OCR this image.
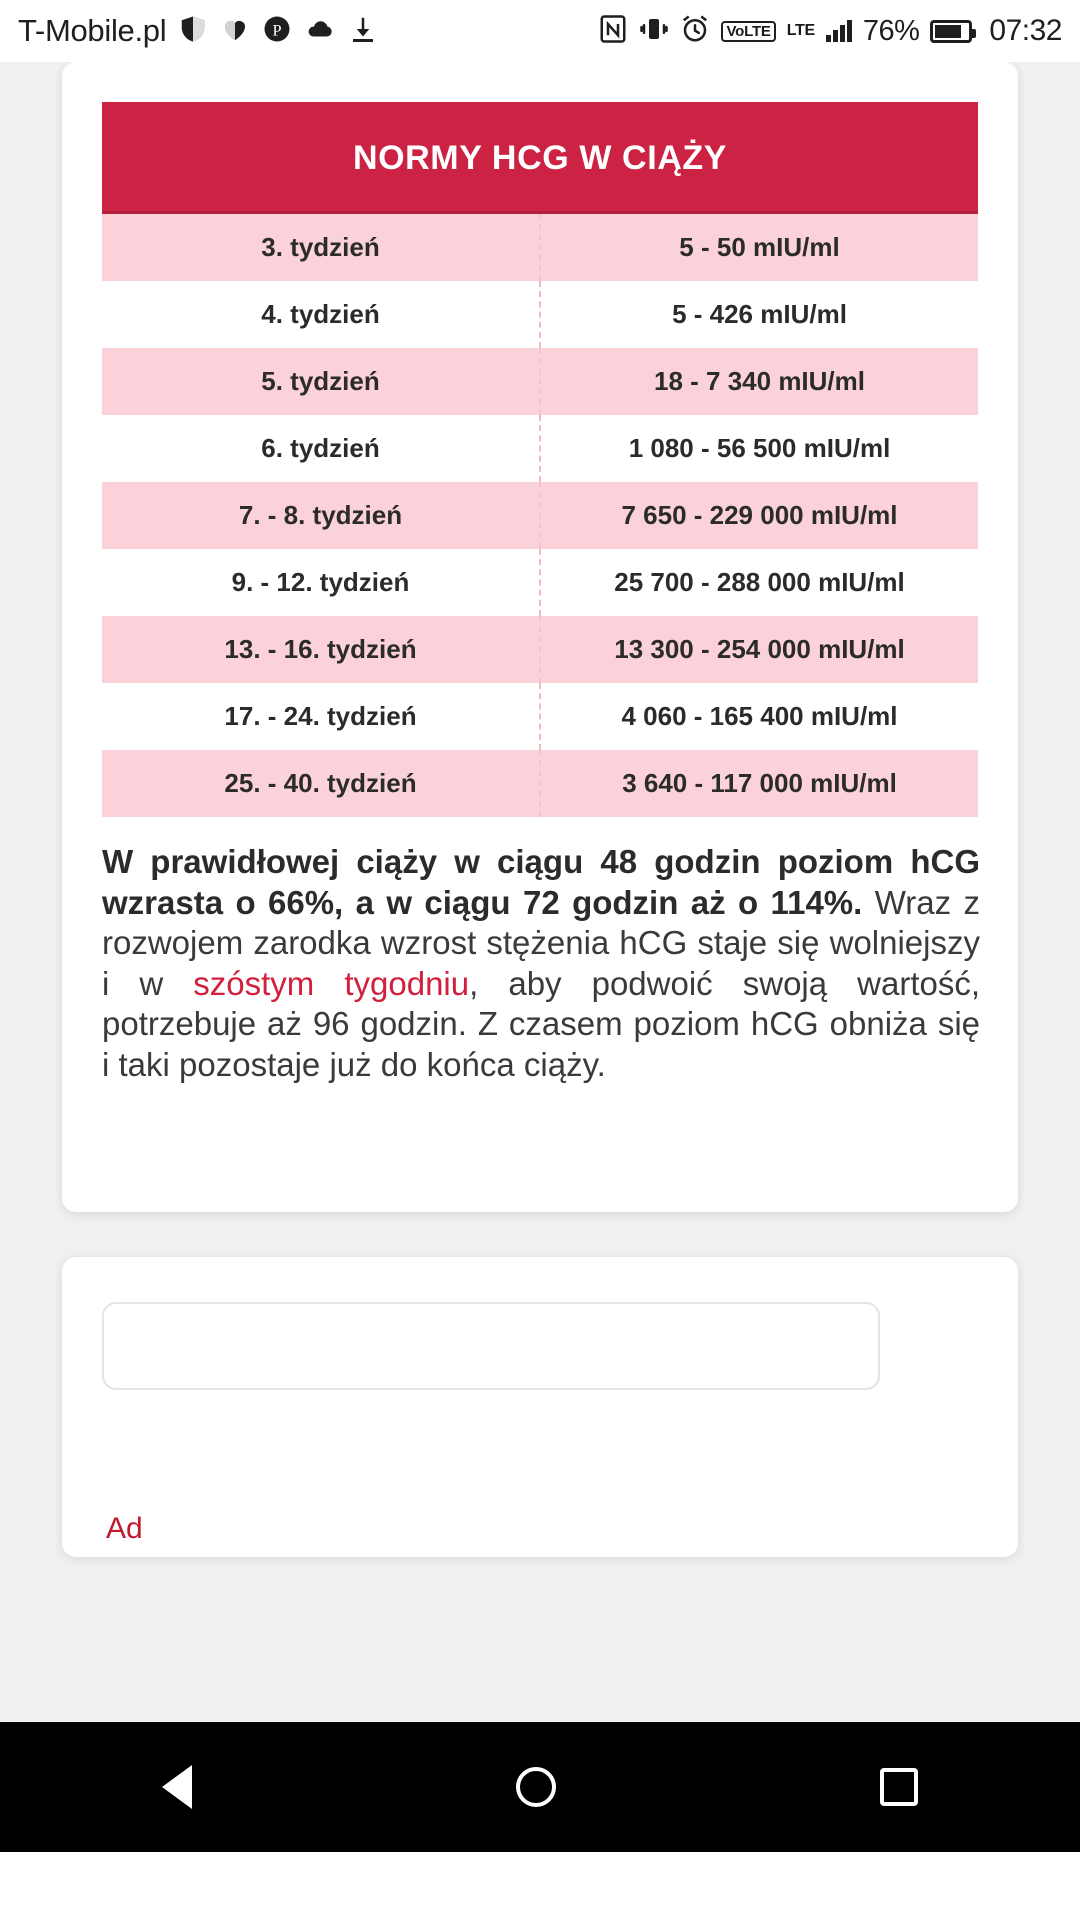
T-Mobile.pl	P	VoLTE	LTE 76% 07:32
NORMY HCG W CIĄŻY
3. tydzień	5 - 50 mIU/ml
4. tydzień	5 - 426 mIU/ml
5. tydzień	18 - 7 340 mIU/ml
6. tydzień	1 080 - 56 500 mIU/ml
7. - 8. tydzień	7 650 - 229 000 mIU/ml
9. - 12. tydzień	25 700 - 288 000 mIU/ml
13. - 16. tydzień	13 300 - 254 000 mIU/ml
17. - 24. tydzień	4 060 - 165 400 mIU/ml
25. - 40. tydzień	3 640 - 117 000 mIU/ml
W prawidłowej ciąży w ciągu 48 godzin poziom hCG wzrasta o 66%, a w ciągu 72 godzin aż o 114%. Wraz z rozwojem zarodka wzrost stężenia hCG staje się wolniejszy i w szóstym tygodniu, aby podwoić swoją wartość, potrzebuje aż 96 godzin. Z czasem poziom hCG obniża się i taki pozostaje już do końca ciąży.
Ad
